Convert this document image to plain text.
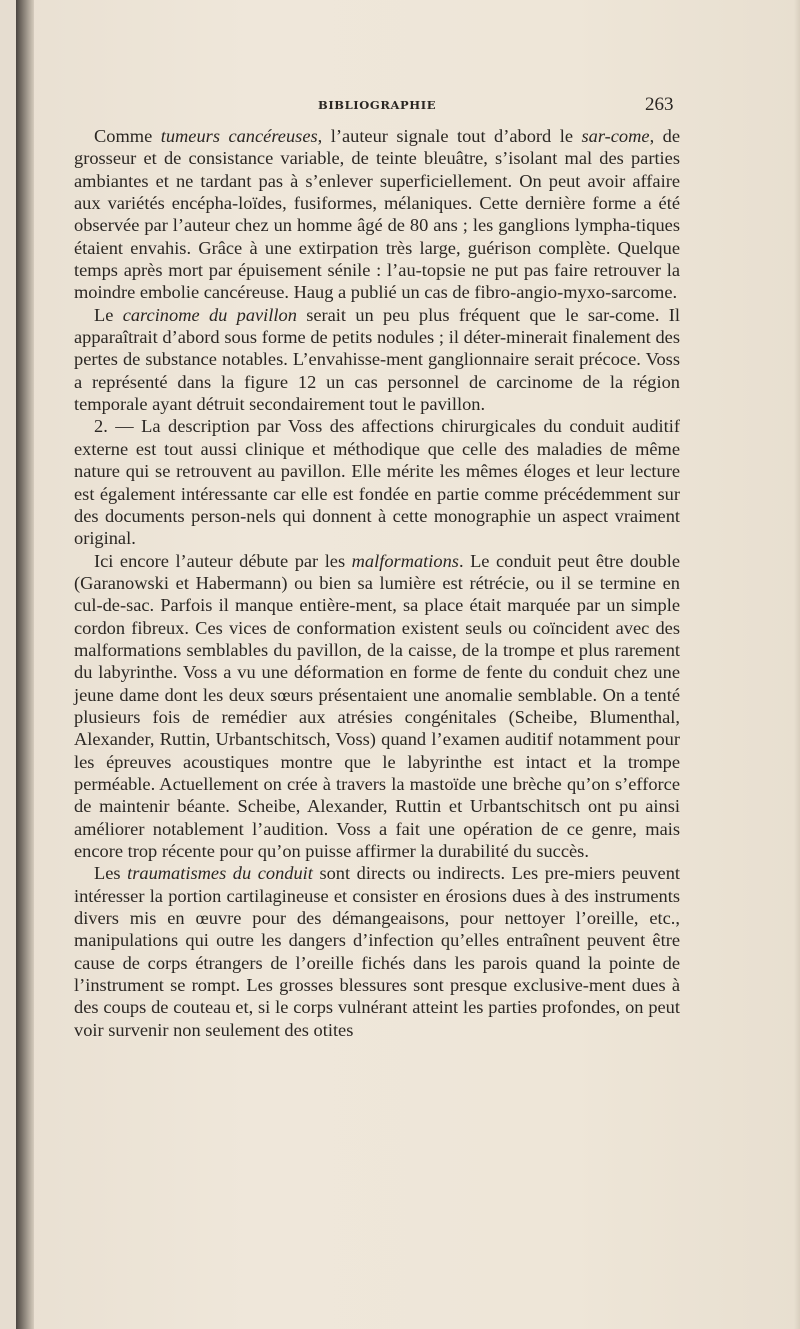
BIBLIOGRAPHIE	263

Comme tumeurs cancéreuses, l’auteur signale tout d’abord le sar-come, de grosseur et de consistance variable, de teinte bleuâtre, s’isolant mal des parties ambiantes et ne tardant pas à s’enlever superficiellement. On peut avoir affaire aux variétés encépha-loïdes, fusiformes, mélaniques. Cette dernière forme a été observée par l’auteur chez un homme âgé de 80 ans ; les ganglions lympha-tiques étaient envahis. Grâce à une extirpation très large, guérison complète. Quelque temps après mort par épuisement sénile : l’au-topsie ne put pas faire retrouver la moindre embolie cancéreuse. Haug a publié un cas de fibro-angio-myxo-sarcome.

Le carcinome du pavillon serait un peu plus fréquent que le sar-come. Il apparaîtrait d’abord sous forme de petits nodules ; il déter-minerait finalement des pertes de substance notables. L’envahisse-ment ganglionnaire serait précoce. Voss a représenté dans la figure 12 un cas personnel de carcinome de la région temporale ayant détruit secondairement tout le pavillon.

2. — La description par Voss des affections chirurgicales du conduit auditif externe est tout aussi clinique et méthodique que celle des maladies de même nature qui se retrouvent au pavillon. Elle mérite les mêmes éloges et leur lecture est également intéressante car elle est fondée en partie comme précédemment sur des documents person-nels qui donnent à cette monographie un aspect vraiment original.

Ici encore l’auteur débute par les malformations. Le conduit peut être double (Garanowski et Habermann) ou bien sa lumière est rétrécie, ou il se termine en cul-de-sac. Parfois il manque entière-ment, sa place était marquée par un simple cordon fibreux. Ces vices de conformation existent seuls ou coïncident avec des malformations semblables du pavillon, de la caisse, de la trompe et plus rarement du labyrinthe. Voss a vu une déformation en forme de fente du conduit chez une jeune dame dont les deux sœurs présentaient une anomalie semblable. On a tenté plusieurs fois de remédier aux atrésies congénitales (Scheibe, Blumenthal, Alexander, Ruttin, Urbantschitsch, Voss) quand l’examen auditif notamment pour les épreuves acoustiques montre que le labyrinthe est intact et la trompe perméable. Actuellement on crée à travers la mastoïde une brèche qu’on s’efforce de maintenir béante. Scheibe, Alexander, Ruttin et Urbantschitsch ont pu ainsi améliorer notablement l’audition. Voss a fait une opération de ce genre, mais encore trop récente pour qu’on puisse affirmer la durabilité du succès.

Les traumatismes du conduit sont directs ou indirects. Les pre-miers peuvent intéresser la portion cartilagineuse et consister en érosions dues à des instruments divers mis en œuvre pour des démangeaisons, pour nettoyer l’oreille, etc., manipulations qui outre les dangers d’infection qu’elles entraînent peuvent être cause de corps étrangers de l’oreille fichés dans les parois quand la pointe de l’instrument se rompt. Les grosses blessures sont presque exclusive-ment dues à des coups de couteau et, si le corps vulnérant atteint les parties profondes, on peut voir survenir non seulement des otites
